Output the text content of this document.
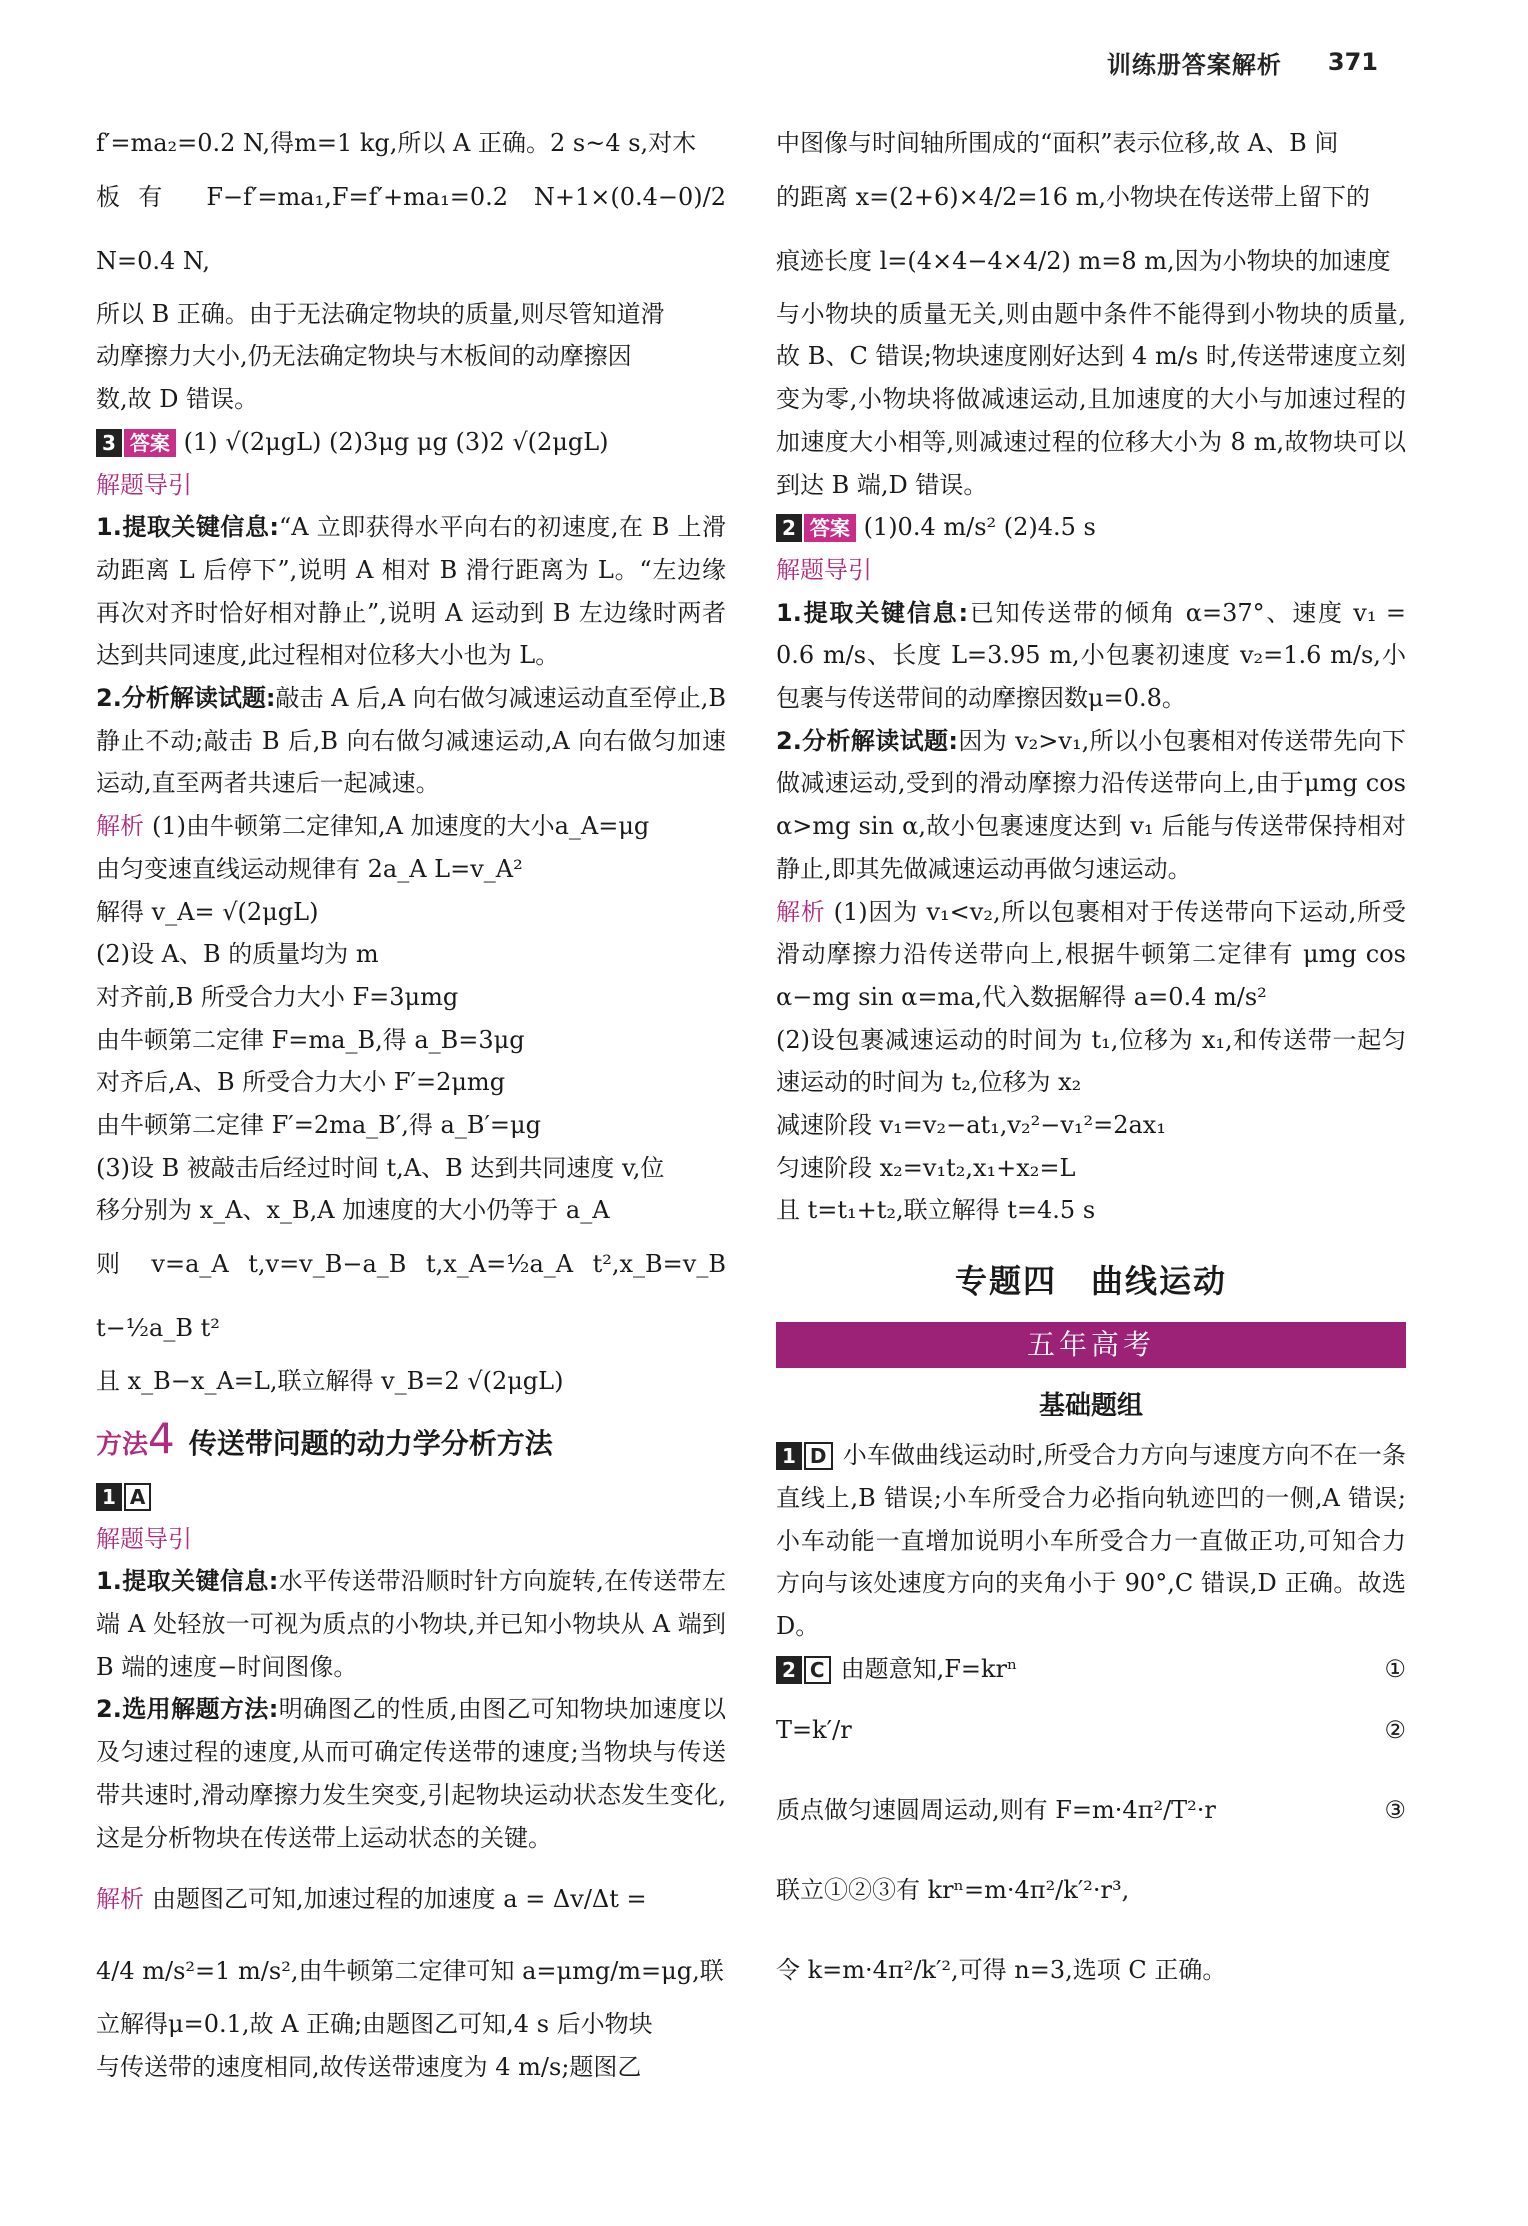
训练册答案解析 371

f′=ma₂=0.2 N,得m=1 kg,所以 A 正确。2 s~4 s,对木

板有 F−f′=ma₁,F=f′+ma₁=0.2 N+1×(0.4−0)/2 N=0.4 N,

所以 B 正确。由于无法确定物块的质量,则尽管知道滑

动摩擦力大小,仍无法确定物块与木板间的动摩擦因

数,故 D 错误。

3 答案 (1) √(2μgL) (2)3μg μg (3)2 √(2μgL)

解题导引

1.提取关键信息:“A 立即获得水平向右的初速度,在 B 上滑动距离 L 后停下”,说明 A 相对 B 滑行距离为 L。“左边缘再次对齐时恰好相对静止”,说明 A 运动到 B 左边缘时两者达到共同速度,此过程相对位移大小也为 L。

2.分析解读试题:敲击 A 后,A 向右做匀减速运动直至停止,B 静止不动;敲击 B 后,B 向右做匀减速运动,A 向右做匀加速运动,直至两者共速后一起减速。

解析 (1)由牛顿第二定律知,A 加速度的大小a_A=μg

由匀变速直线运动规律有 2a_A L=v_A²

解得 v_A= √(2μgL)

(2)设 A、B 的质量均为 m

对齐前,B 所受合力大小 F=3μmg

由牛顿第二定律 F=ma_B,得 a_B=3μg

对齐后,A、B 所受合力大小 F′=2μmg

由牛顿第二定律 F′=2ma_B′,得 a_B′=μg

(3)设 B 被敲击后经过时间 t,A、B 达到共同速度 v,位

移分别为 x_A、x_B,A 加速度的大小仍等于 a_A

则 v=a_A t,v=v_B−a_B t,x_A=½a_A t²,x_B=v_B t−½a_B t²

且 x_B−x_A=L,联立解得 v_B=2 √(2μgL)

方法4 传送带问题的动力学分析方法

1 A

解题导引

1.提取关键信息:水平传送带沿顺时针方向旋转,在传送带左端 A 处轻放一可视为质点的小物块,并已知小物块从 A 端到 B 端的速度−时间图像。

2.选用解题方法:明确图乙的性质,由图乙可知物块加速度以及匀速过程的速度,从而可确定传送带的速度;当物块与传送带共速时,滑动摩擦力发生突变,引起物块运动状态发生变化,这是分析物块在传送带上运动状态的关键。

解析 由题图乙可知,加速过程的加速度 a = Δv/Δt =

4/4 m/s²=1 m/s²,由牛顿第二定律可知 a=μmg/m=μg,联

立解得μ=0.1,故 A 正确;由题图乙可知,4 s 后小物块

与传送带的速度相同,故传送带速度为 4 m/s;题图乙

中图像与时间轴所围成的“面积”表示位移,故 A、B 间

的距离 x=(2+6)×4/2=16 m,小物块在传送带上留下的

痕迹长度 l=(4×4−4×4/2) m=8 m,因为小物块的加速度

与小物块的质量无关,则由题中条件不能得到小物块的质量,故 B、C 错误;物块速度刚好达到 4 m/s 时,传送带速度立刻变为零,小物块将做减速运动,且加速度的大小与加速过程的加速度大小相等,则减速过程的位移大小为 8 m,故物块可以到达 B 端,D 错误。

2 答案 (1)0.4 m/s² (2)4.5 s

解题导引

1.提取关键信息:已知传送带的倾角 α=37°、速度 v₁ = 0.6 m/s、长度 L=3.95 m,小包裹初速度 v₂=1.6 m/s,小包裹与传送带间的动摩擦因数μ=0.8。

2.分析解读试题:因为 v₂>v₁,所以小包裹相对传送带先向下做减速运动,受到的滑动摩擦力沿传送带向上,由于μmg cos α>mg sin α,故小包裹速度达到 v₁ 后能与传送带保持相对静止,即其先做减速运动再做匀速运动。

解析 (1)因为 v₁<v₂,所以包裹相对于传送带向下运动,所受滑动摩擦力沿传送带向上,根据牛顿第二定律有 μmg cos α−mg sin α=ma,代入数据解得 a=0.4 m/s²

(2)设包裹减速运动的时间为 t₁,位移为 x₁,和传送带一起匀速运动的时间为 t₂,位移为 x₂

减速阶段 v₁=v₂−at₁,v₂²−v₁²=2ax₁

匀速阶段 x₂=v₁t₂,x₁+x₂=L

且 t=t₁+t₂,联立解得 t=4.5 s

专题四　曲线运动
五年高考
基础题组

1 D 小车做曲线运动时,所受合力方向与速度方向不在一条直线上,B 错误;小车所受合力必指向轨迹凹的一侧,A 错误;小车动能一直增加说明小车所受合力一直做正功,可知合力方向与该处速度方向的夹角小于 90°,C 错误,D 正确。故选 D。

2 C 由题意知,F=krⁿ	①

T=k′/r	②

质点做匀速圆周运动,则有 F=m·4π²/T²·r	③

联立①②③有 krⁿ=m·4π²/k′²·r³,

令 k=m·4π²/k′²,可得 n=3,选项 C 正确。
